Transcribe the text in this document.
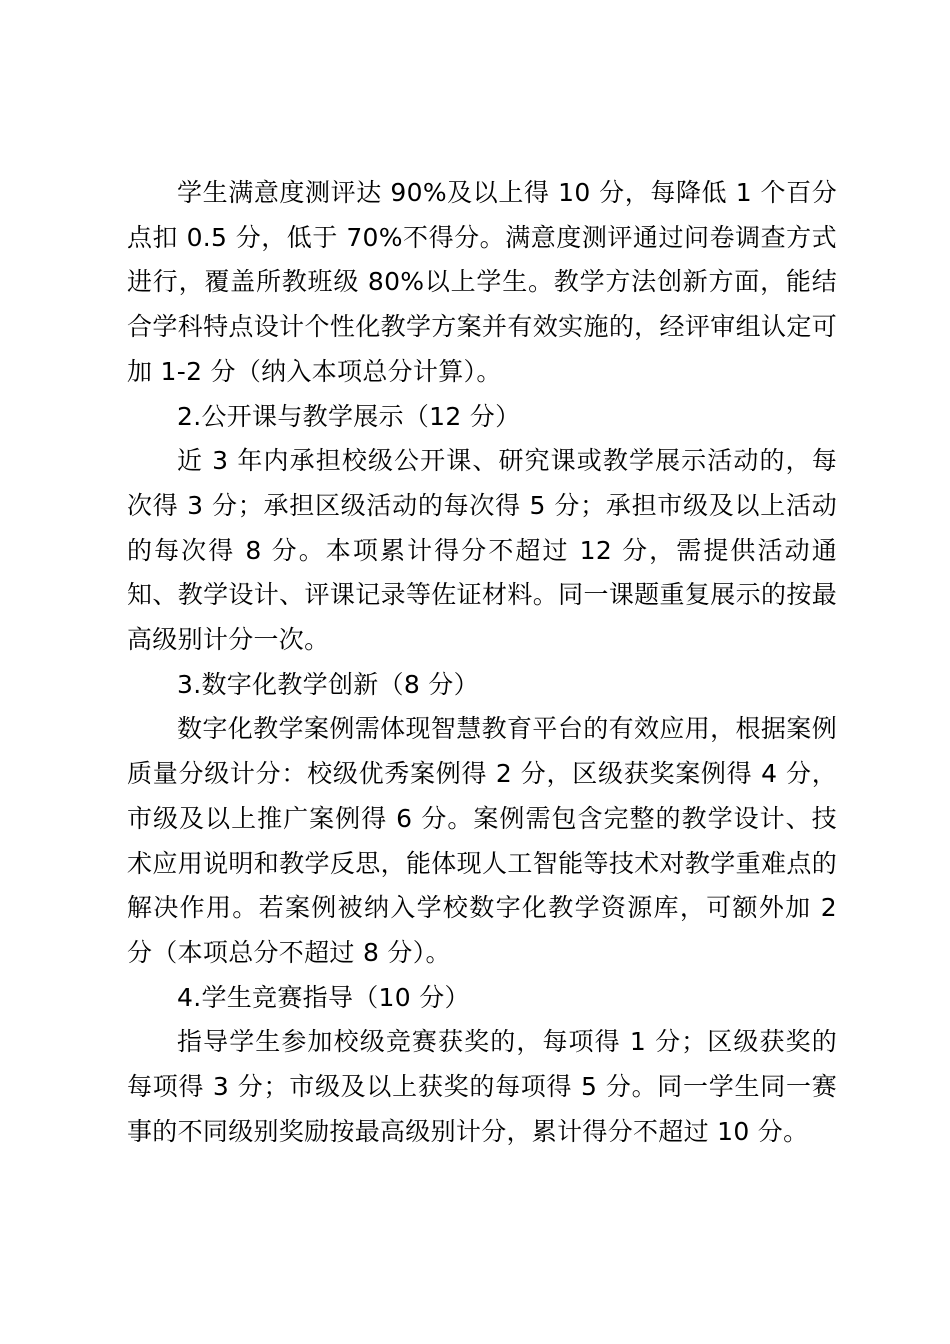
学生满意度测评达 90%及以上得 10 分，每降低 1 个百分点扣 0.5 分，低于 70%不得分。满意度测评通过问卷调查方式进行，覆盖所教班级 80%以上学生。教学方法创新方面，能结合学科特点设计个性化教学方案并有效实施的，经评审组认定可加 1-2 分（纳入本项总分计算）。

2.公开课与教学展示（12 分）

近 3 年内承担校级公开课、研究课或教学展示活动的，每次得 3 分；承担区级活动的每次得 5 分；承担市级及以上活动的每次得 8 分。本项累计得分不超过 12 分，需提供活动通知、教学设计、评课记录等佐证材料。同一课题重复展示的按最高级别计分一次。

3.数字化教学创新（8 分）

数字化教学案例需体现智慧教育平台的有效应用，根据案例质量分级计分：校级优秀案例得 2 分，区级获奖案例得 4 分，市级及以上推广案例得 6 分。案例需包含完整的教学设计、技术应用说明和教学反思，能体现人工智能等技术对教学重难点的解决作用。若案例被纳入学校数字化教学资源库，可额外加 2 分（本项总分不超过 8 分）。

4.学生竞赛指导（10 分）

指导学生参加校级竞赛获奖的，每项得 1 分；区级获奖的每项得 3 分；市级及以上获奖的每项得 5 分。同一学生同一赛事的不同级别奖励按最高级别计分，累计得分不超过 10 分。
